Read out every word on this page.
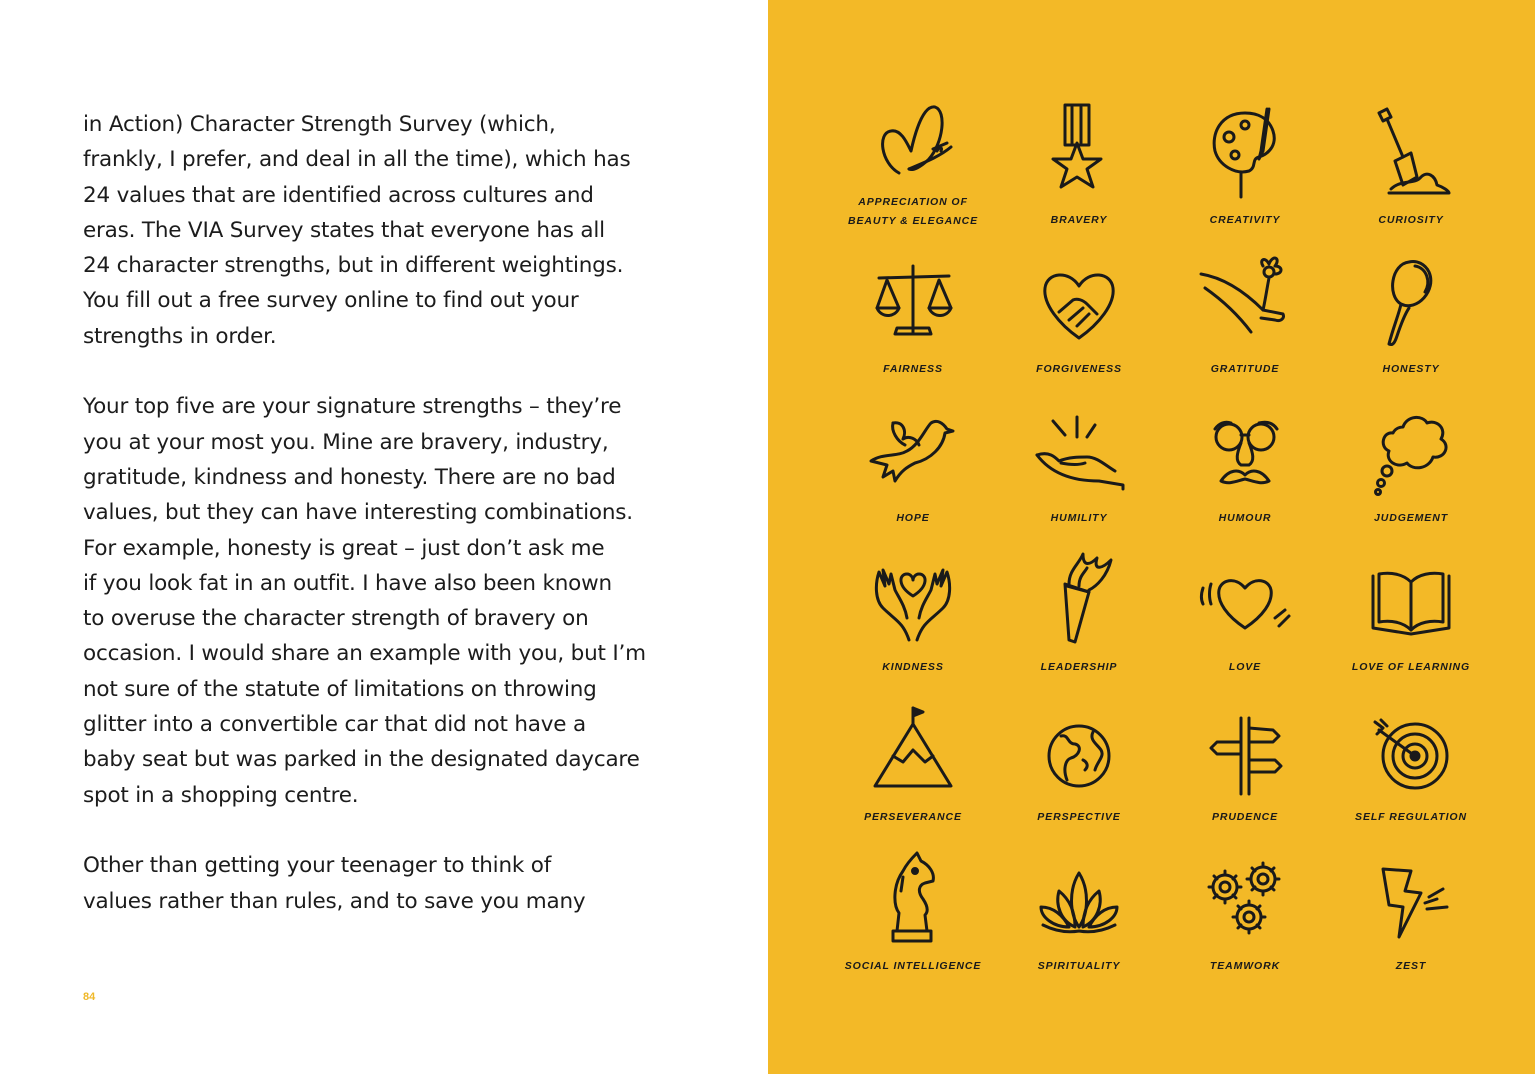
in Action) Character Strength Survey (which,
frankly, I prefer, and deal in all the time), which has
24 values that are identified across cultures and
eras. The VIA Survey states that everyone has all
24 character strengths, but in different weightings.
You fill out a free survey online to find out your
strengths in order.

Your top five are your signature strengths – they’re
you at your most you. Mine are bravery, industry,
gratitude, kindness and honesty. There are no bad
values, but they can have interesting combinations.
For example, honesty is great – just don’t ask me
if you look fat in an outfit. I have also been known
to overuse the character strength of bravery on
occasion. I would share an example with you, but I’m
not sure of the statute of limitations on throwing
glitter into a convertible car that did not have a
baby seat but was parked in the designated daycare
spot in a shopping centre.

Other than getting your teenager to think of
values rather than rules, and to save you many

84
APPRECIATION OF
BEAUTY & ELEGANCE	BRAVERY	CREATIVITY	CURIOSITY
FAIRNESS	FORGIVENESS	GRATITUDE	HONESTY
HOPE	HUMILITY	HUMOUR	JUDGEMENT
KINDNESS	LEADERSHIP	LOVE	LOVE OF LEARNING
PERSEVERANCE	PERSPECTIVE	PRUDENCE	SELF REGULATION
SOCIAL INTELLIGENCE	SPIRITUALITY	TEAMWORK	ZEST
